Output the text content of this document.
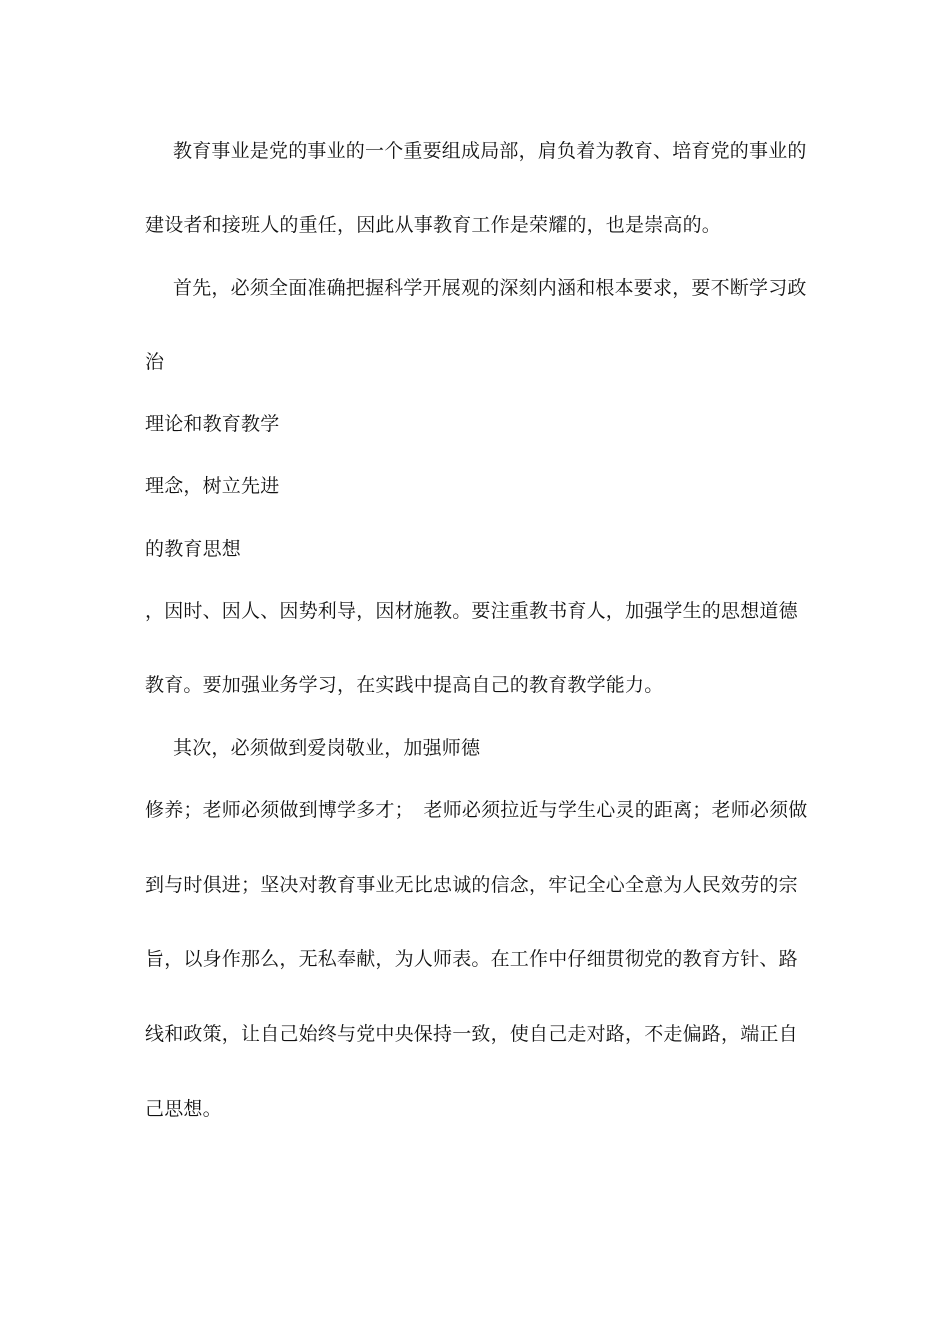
教育事业是党的事业的一个重要组成局部，肩负着为教育、培育党的事业的
建设者和接班人的重任，因此从事教育工作是荣耀的，也是崇高的。
首先，必须全面准确把握科学开展观的深刻内涵和根本要求，要不断学习政
治
理论和教育教学
理念，树立先进
的教育思想
，因时、因人、因势利导，因材施教。要注重教书育人，加强学生的思想道德
教育。要加强业务学习，在实践中提高自己的教育教学能力。
其次，必须做到爱岗敬业，加强师德
修养；老师必须做到博学多才；　老师必须拉近与学生心灵的距离；老师必须做
到与时俱进；坚决对教育事业无比忠诚的信念，牢记全心全意为人民效劳的宗
旨，以身作那么，无私奉献，为人师表。在工作中仔细贯彻党的教育方针、路
线和政策，让自己始终与党中央保持一致，使自己走对路，不走偏路，端正自
己思想。
